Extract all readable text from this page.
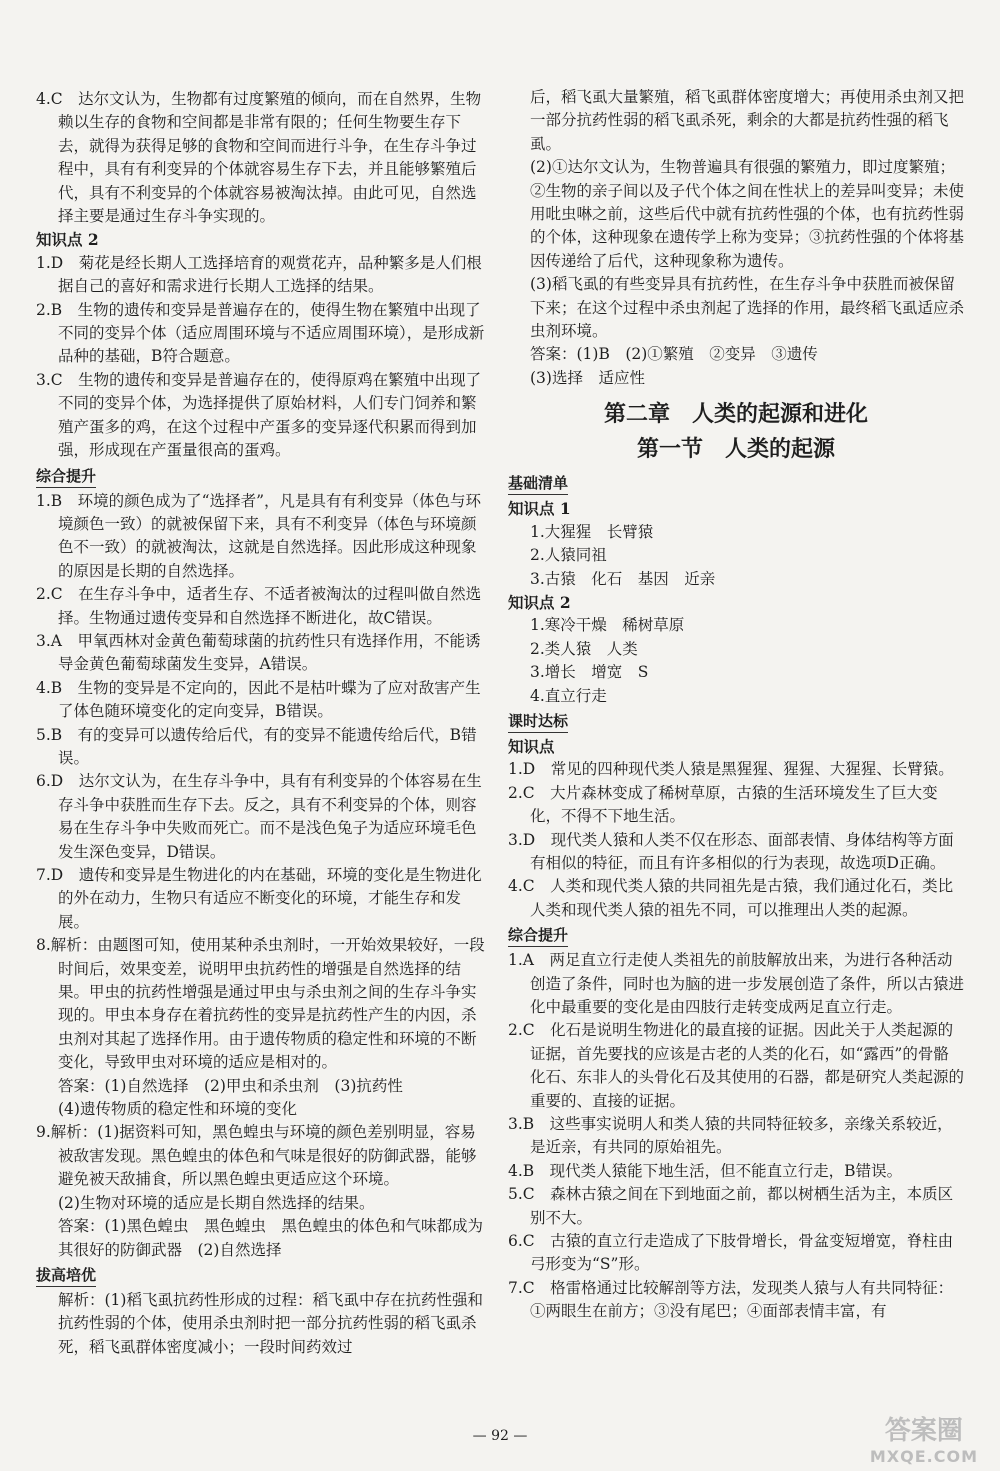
4.C　达尔文认为，生物都有过度繁殖的倾向，而在自然界，生物赖以生存的食物和空间都是非常有限的；任何生物要生存下去，就得为获得足够的食物和空间而进行斗争，在生存斗争过程中，具有有利变异的个体就容易生存下去，并且能够繁殖后代，具有不利变异的个体就容易被淘汰掉。由此可见，自然选择主要是通过生存斗争实现的。

知识点 2

1.D　菊花是经长期人工选择培育的观赏花卉，品种繁多是人们根据自己的喜好和需求进行长期人工选择的结果。

2.B　生物的遗传和变异是普遍存在的，使得生物在繁殖中出现了不同的变异个体（适应周围环境与不适应周围环境），是形成新品种的基础，B符合题意。

3.C　生物的遗传和变异是普遍存在的，使得原鸡在繁殖中出现了不同的变异个体，为选择提供了原始材料，人们专门饲养和繁殖产蛋多的鸡，在这个过程中产蛋多的变异逐代积累而得到加强，形成现在产蛋量很高的蛋鸡。

综合提升

1.B　环境的颜色成为了“选择者”，凡是具有有利变异（体色与环境颜色一致）的就被保留下来，具有不利变异（体色与环境颜色不一致）的就被淘汰，这就是自然选择。因此形成这种现象的原因是长期的自然选择。

2.C　在生存斗争中，适者生存、不适者被淘汰的过程叫做自然选择。生物通过遗传变异和自然选择不断进化，故C错误。

3.A　甲氧西林对金黄色葡萄球菌的抗药性只有选择作用，不能诱导金黄色葡萄球菌发生变异，A错误。

4.B　生物的变异是不定向的，因此不是枯叶蝶为了应对敌害产生了体色随环境变化的定向变异，B错误。

5.B　有的变异可以遗传给后代，有的变异不能遗传给后代，B错误。

6.D　达尔文认为，在生存斗争中，具有有利变异的个体容易在生存斗争中获胜而生存下去。反之，具有不利变异的个体，则容易在生存斗争中失败而死亡。而不是浅色兔子为适应环境毛色发生深色变异，D错误。

7.D　遗传和变异是生物进化的内在基础，环境的变化是生物进化的外在动力，生物只有适应不断变化的环境，才能生存和发展。

8.解析：由题图可知，使用某种杀虫剂时，一开始效果较好，一段时间后，效果变差，说明甲虫抗药性的增强是自然选择的结果。甲虫的抗药性增强是通过甲虫与杀虫剂之间的生存斗争实现的。甲虫本身存在着抗药性的变异是抗药性产生的内因，杀虫剂对其起了选择作用。由于遗传物质的稳定性和环境的不断变化，导致甲虫对环境的适应是相对的。

答案：(1)自然选择　(2)甲虫和杀虫剂　(3)抗药性

(4)遗传物质的稳定性和环境的变化

9.解析：(1)据资料可知，黑色蝗虫与环境的颜色差别明显，容易被敌害发现。黑色蝗虫的体色和气味是很好的防御武器，能够避免被天敌捕食，所以黑色蝗虫更适应这个环境。

(2)生物对环境的适应是长期自然选择的结果。

答案：(1)黑色蝗虫　黑色蝗虫　黑色蝗虫的体色和气味都成为其很好的防御武器　(2)自然选择

拔高培优

解析：(1)稻飞虱抗药性形成的过程：稻飞虱中存在抗药性强和抗药性弱的个体，使用杀虫剂时把一部分抗药性弱的稻飞虱杀死，稻飞虱群体密度减小；一段时间药效过

后，稻飞虱大量繁殖，稻飞虱群体密度增大；再使用杀虫剂又把一部分抗药性弱的稻飞虱杀死，剩余的大都是抗药性强的稻飞虱。

(2)①达尔文认为，生物普遍具有很强的繁殖力，即过度繁殖；②生物的亲子间以及子代个体之间在性状上的差异叫变异；未使用吡虫啉之前，这些后代中就有抗药性强的个体，也有抗药性弱的个体，这种现象在遗传学上称为变异；③抗药性强的个体将基因传递给了后代，这种现象称为遗传。

(3)稻飞虱的有些变异具有抗药性，在生存斗争中获胜而被保留下来；在这个过程中杀虫剂起了选择的作用，最终稻飞虱适应杀虫剂环境。

答案：(1)B　(2)①繁殖　②变异　③遗传

(3)选择　适应性

第二章　人类的起源和进化
第一节　人类的起源
基础清单

知识点 1

1.大猩猩　长臂猿

2.人猿同祖

3.古猿　化石　基因　近亲

知识点 2

1.寒冷干燥　稀树草原

2.类人猿　人类

3.增长　增宽　S

4.直立行走

课时达标

知识点

1.D　常见的四种现代类人猿是黑猩猩、猩猩、大猩猩、长臂猿。

2.C　大片森林变成了稀树草原，古猿的生活环境发生了巨大变化，不得不下地生活。

3.D　现代类人猿和人类不仅在形态、面部表情、身体结构等方面有相似的特征，而且有许多相似的行为表现，故选项D正确。

4.C　人类和现代类人猿的共同祖先是古猿，我们通过化石，类比人类和现代类人猿的祖先不同，可以推理出人类的起源。

综合提升

1.A　两足直立行走使人类祖先的前肢解放出来，为进行各种活动创造了条件，同时也为脑的进一步发展创造了条件，所以古猿进化中最重要的变化是由四肢行走转变成两足直立行走。

2.C　化石是说明生物进化的最直接的证据。因此关于人类起源的证据，首先要找的应该是古老的人类的化石，如“露西”的骨骼化石、东非人的头骨化石及其使用的石器，都是研究人类起源的重要的、直接的证据。

3.B　这些事实说明人和类人猿的共同特征较多，亲缘关系较近，是近亲，有共同的原始祖先。

4.B　现代类人猿能下地生活，但不能直立行走，B错误。

5.C　森林古猿之间在下到地面之前，都以树栖生活为主，本质区别不大。

6.C　古猿的直立行走造成了下肢骨增长，骨盆变短增宽，脊柱由弓形变为“S”形。

7.C　格雷格通过比较解剖等方法，发现类人猿与人有共同特征：①两眼生在前方；③没有尾巴；④面部表情丰富，有

— 92 —	答案圈
MXQE.COM
